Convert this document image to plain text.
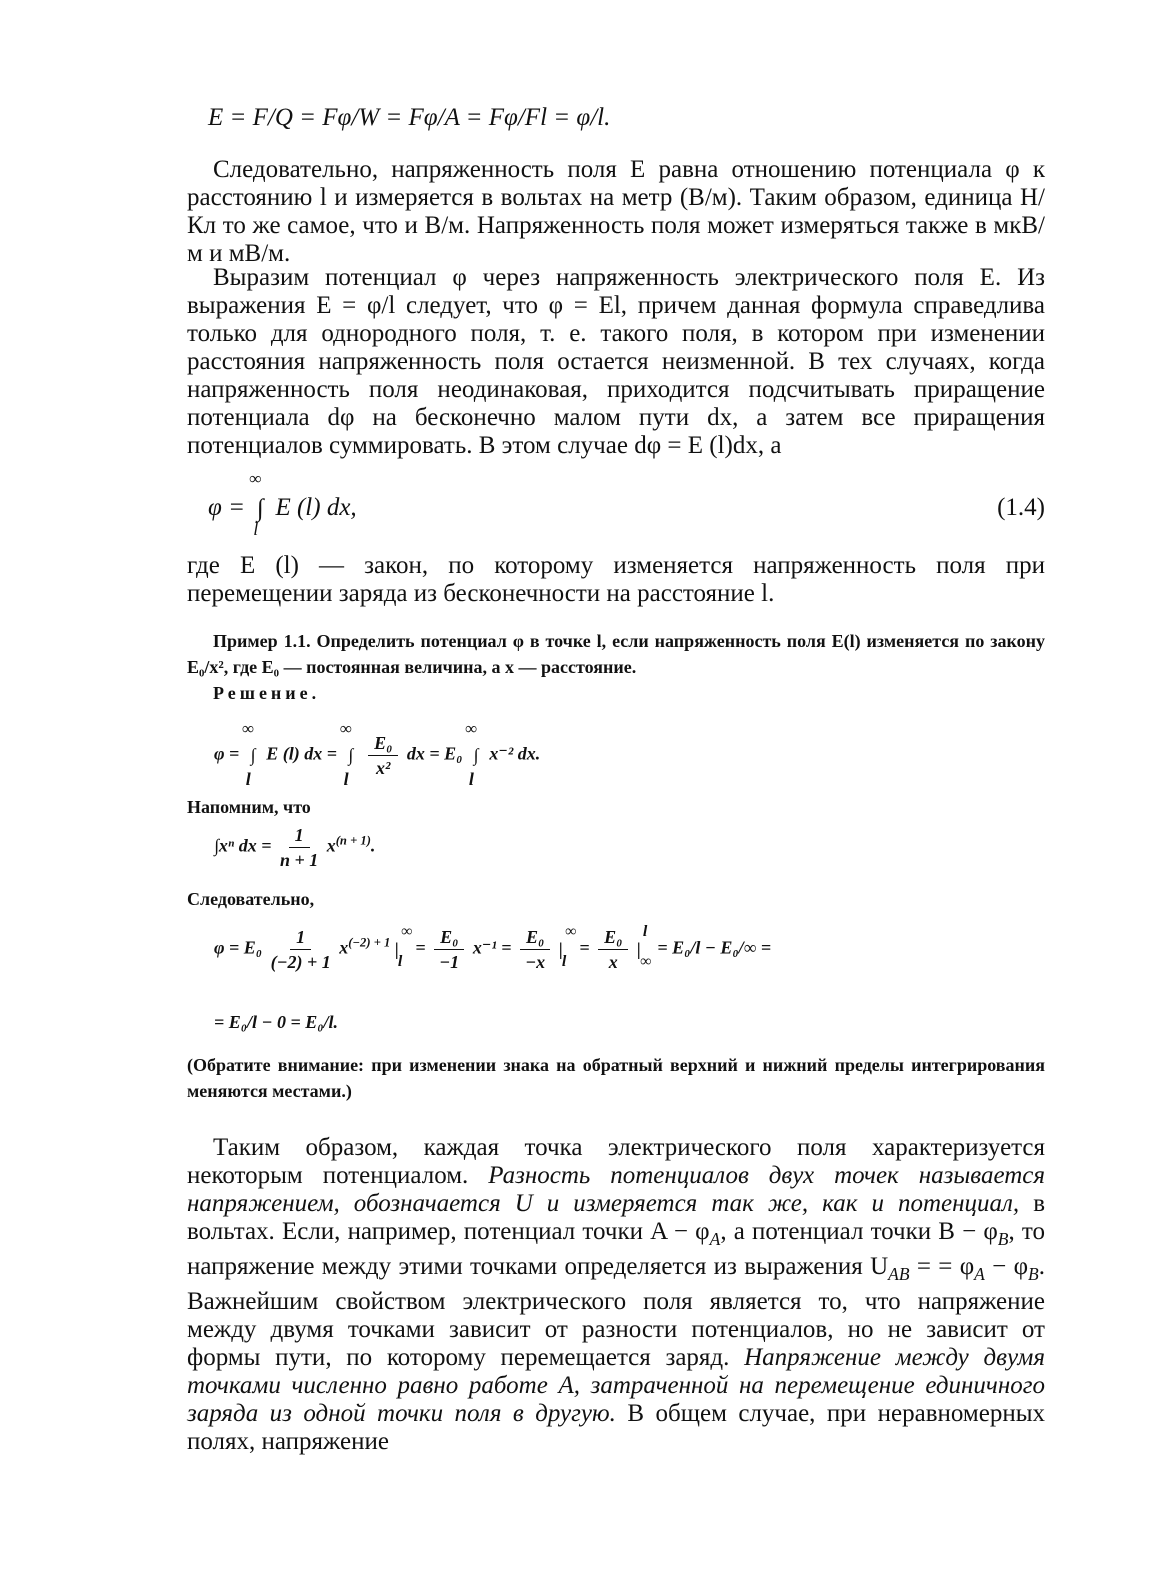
E = F/Q = Fφ/W = Fφ/A = Fφ/Fl = φ/l.

Следовательно, напряженность поля E равна отношению потенциала φ к расстоянию l и измеряется в вольтах на метр (В/м). Таким образом, единица Н/Кл то же самое, что и В/м. Напряженность поля может измеряться также в мкВ/м и мВ/м.

Выразим потенциал φ через напряженность электрического поля E. Из выражения E = φ/l следует, что φ = El, причем данная формула справедлива только для однородного поля, т. е. такого поля, в котором при изменении расстояния напряженность поля остается неизменной. В тех случаях, когда напряженность поля неодинаковая, приходится подсчитывать приращение потенциала dφ на бесконечно малом пути dx, а затем все приращения потенциалов суммировать. В этом случае dφ = E (l)dx, а

φ =
∞
∫
l
E (l) dx,	(1.4)

где E (l) — закон, по которому изменяется напряженность поля при перемещении заряда из бесконечности на расстояние l.

Пример 1.1. Определить потенциал φ в точке l, если напряженность поля E(l) изменяется по закону E₀/x², где E₀ — постоянная величина, а x — расстояние.

Решение.

φ =
∞
∫
l
E (l) dx =
∞
∫
l
$\frac{\text{E₀}}{\text{x²}}$ dx = E₀
∞
∫
l
x⁻² dx.

Напомним, что

∫xⁿ dx = $\frac{1}{n + 1} x^{(n + 1)}$.

Следовательно,

$\varphi = E_0 \frac{1}{(-2) + 1} x^{(-2) + 1}$
∞
|
l
= $\frac{\text{E₀}}{-1} x^{-1} = \frac{\text{E₀}}{-x}$
∞
|
l
= $\frac{\text{E₀}}{x}$
l
|
∞
= E₀/l − E₀/∞ =
= E₀/l − 0 = E₀/l.

(Обратите внимание: при изменении знака на обратный верхний и нижний пределы интегрирования меняются местами.)

Таким образом, каждая точка электрического поля характеризуется некоторым потенциалом. Разность потенциалов двух точек называется напряжением, обозначается U и измеряется так же, как и потенциал, в вольтах. Если, например, потенциал точки $A - \varphi_A$, а потенциал точки $B - \varphi_B$, то напряжение между этими точками определяется из выражения $U_{AB}$ = = $\varphi_A - \varphi_B$. Важнейшим свойством электрического поля является то, что напряжение между двумя точками зависит от разности потенциалов, но не зависит от формы пути, по которому перемещается заряд. Напряжение между двумя точками численно равно работе A, затраченной на перемещение единичного заряда из одной точки поля в другую. В общем случае, при неравномерных полях, напряжение
